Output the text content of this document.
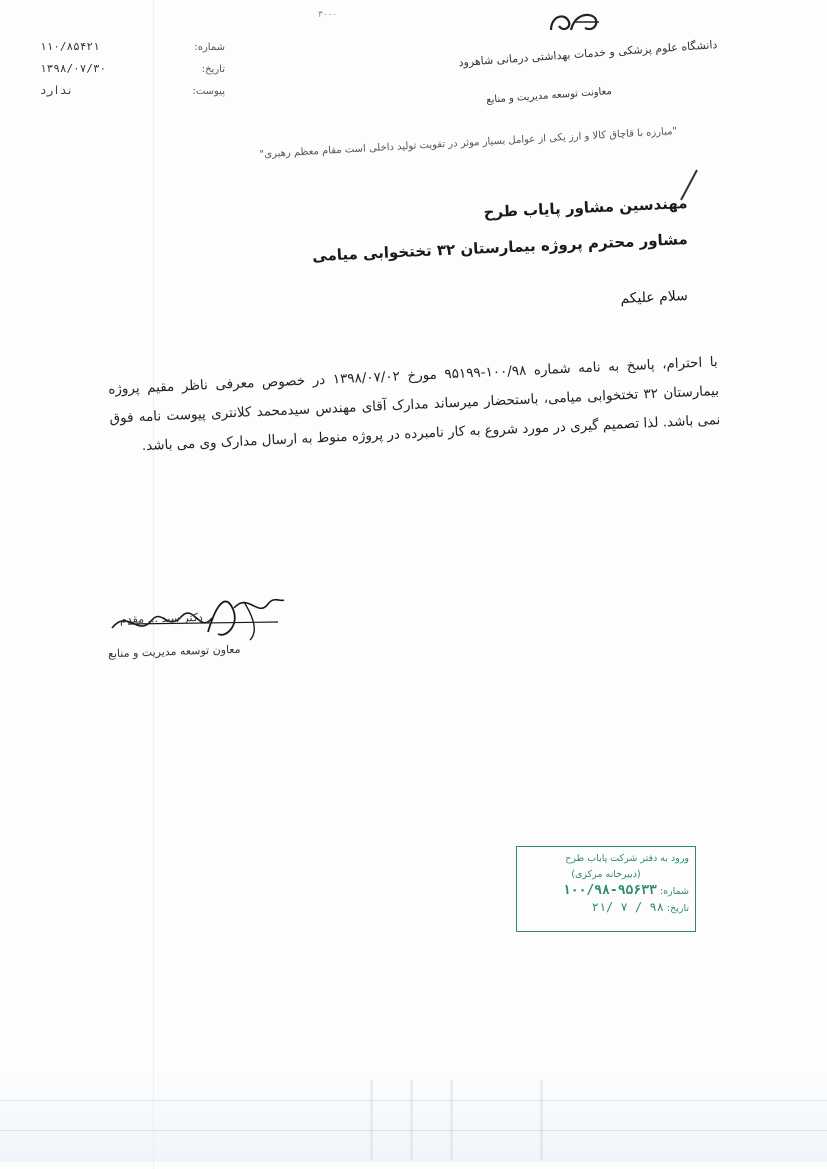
۳۰۰۰
دانشگاه علوم پزشکی و خدمات بهداشتی درمانی شاهرود
معاونت توسعه مدیریت و منابع
شماره:
۱۱۰/۸۵۴۲۱
تاریخ:
۱۳۹۸/۰۷/۳۰
پیوست:
ندارد
"مبارزه با قاچاق کالا و ارز یکی از عوامل بسیار موثر در تقویت تولید داخلی است مقام معظم رهبری"
مهندسین مشاور پایاب طرح
مشاور محترم پروژه بیمارستان ۳۲ تختخوابی میامی
سلام علیکم
با احترام، پاسخ به نامه شماره ۱۰۰/۹۸-۹۵۱۹۹ مورخ ۱۳۹۸/۰۷/۰۲ در خصوص معرفی ناظر مقیم پروژه بیمارستان ۳۲ تختخوابی میامی، باستحضار میرساند مدارک آقای مهندس سیدمحمد کلانتری پیوست نامه فوق نمی باشد. لذا تصمیم گیری در مورد شروع به کار نامبرده در پروژه منوط به ارسال مدارک وی می باشد.
دکتر سید ... مقدم
معاون توسعه مدیریت و منابع
ورود به دفتر شرکت پایاب طرح
(دبیرخانه مرکزی)
شماره: ۱۰۰/۹۸-۹۵۶۳۳
تاریخ: ۲۱/ ۷ / ۹۸
